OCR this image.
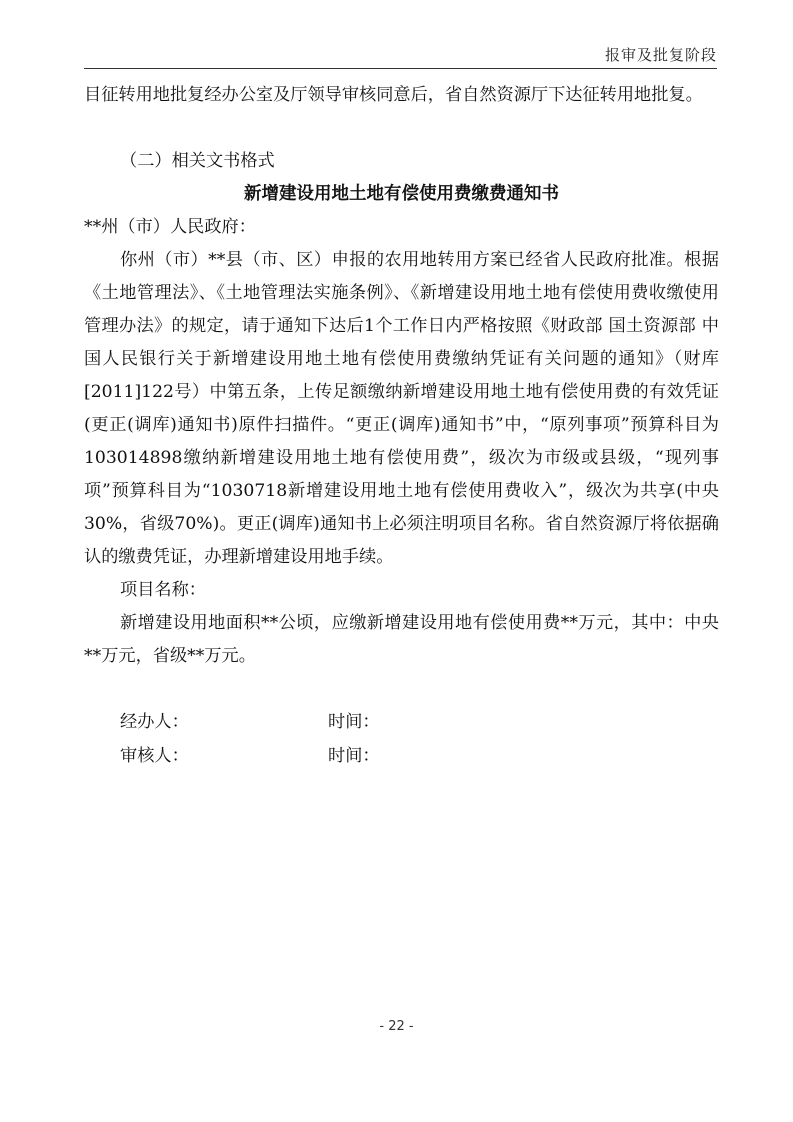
报审及批复阶段
目征转用地批复经办公室及厅领导审核同意后，省自然资源厅下达征转用地批复。
（二）相关文书格式
新增建设用地土地有偿使用费缴费通知书
**州（市）人民政府：
你州（市）**县（市、区）申报的农用地转用方案已经省人民政府批准。根据《土地管理法》、《土地管理法实施条例》、《新增建设用地土地有偿使用费收缴使用管理办法》的规定，请于通知下达后1个工作日内严格按照《财政部 国土资源部 中国人民银行关于新增建设用地土地有偿使用费缴纳凭证有关问题的通知》（财库[2011]122号）中第五条，上传足额缴纳新增建设用地土地有偿使用费的有效凭证(更正(调库)通知书)原件扫描件。“更正(调库)通知书”中，“原列事项”预算科目为103014898缴纳新增建设用地土地有偿使用费”，级次为市级或县级，“现列事项”预算科目为“1030718新增建设用地土地有偿使用费收入”，级次为共享(中央30%，省级70%)。更正(调库)通知书上必须注明项目名称。省自然资源厅将依据确认的缴费凭证，办理新增建设用地手续。
项目名称：
新增建设用地面积**公顷，应缴新增建设用地有偿使用费**万元，其中：中央**万元，省级**万元。
经办人：	时间：
审核人：	时间：
- 22 -
